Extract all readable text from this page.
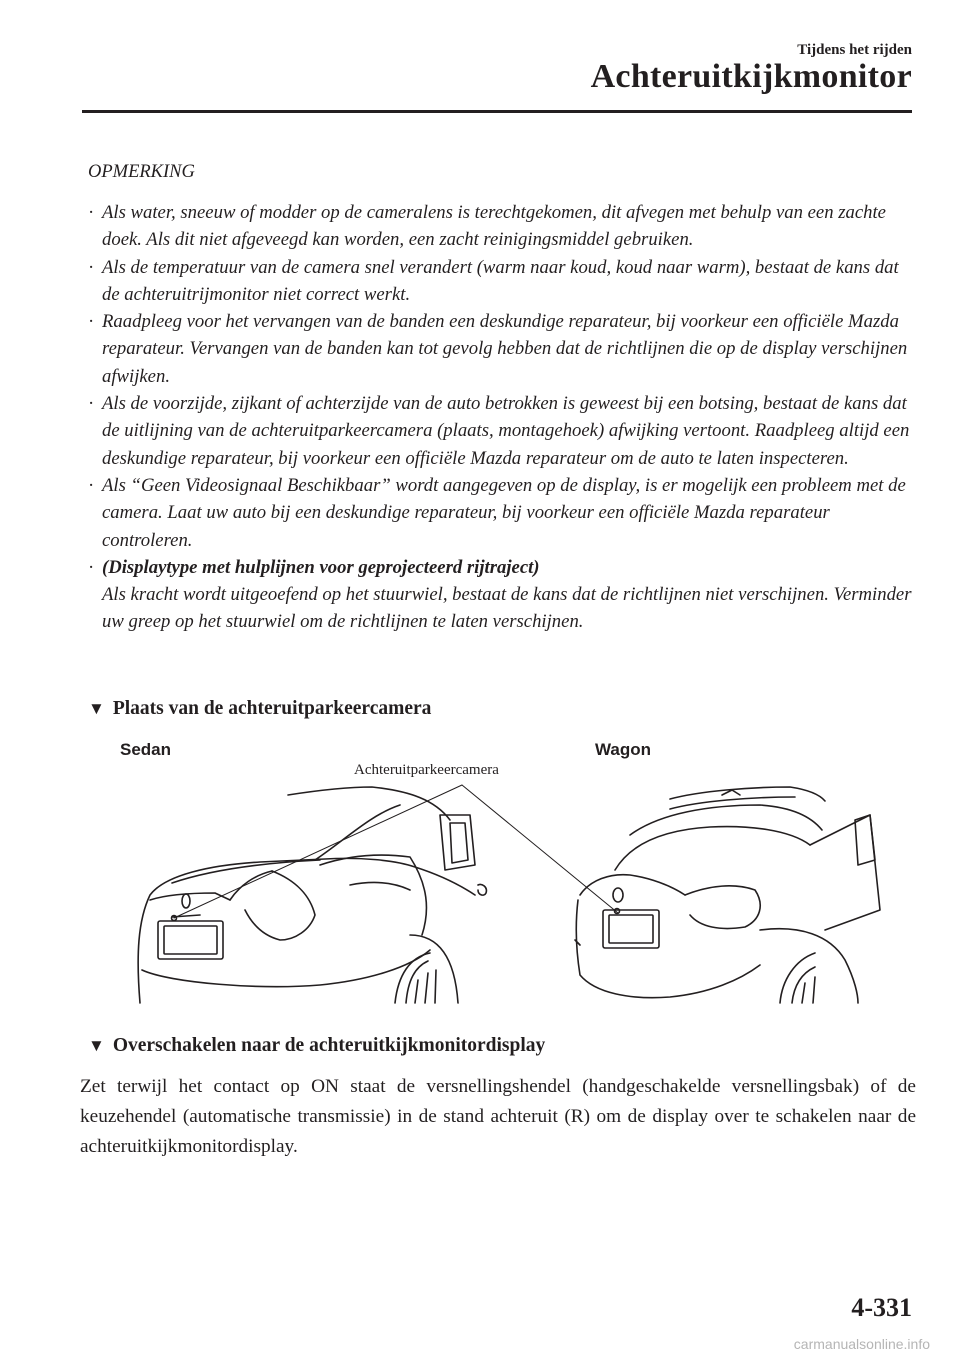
Tijdens het rijden
Achteruitkijkmonitor
OPMERKING
· Als water, sneeuw of modder op de cameralens is terechtgekomen, dit afvegen met behulp van een zachte doek. Als dit niet afgeveegd kan worden, een zacht reinigingsmiddel gebruiken.
· Als de temperatuur van de camera snel verandert (warm naar koud, koud naar warm), bestaat de kans dat de achteruitrijmonitor niet correct werkt.
· Raadpleeg voor het vervangen van de banden een deskundige reparateur, bij voorkeur een officiële Mazda reparateur. Vervangen van de banden kan tot gevolg hebben dat de richtlijnen die op de display verschijnen afwijken.
· Als de voorzijde, zijkant of achterzijde van de auto betrokken is geweest bij een botsing, bestaat de kans dat de uitlijning van de achteruitparkeercamera (plaats, montagehoek) afwijking vertoont. Raadpleeg altijd een deskundige reparateur, bij voorkeur een officiële Mazda reparateur om de auto te laten inspecteren.
· Als “Geen Videosignaal Beschikbaar” wordt aangegeven op de display, is er mogelijk een probleem met de camera. Laat uw auto bij een deskundige reparateur, bij voorkeur een officiële Mazda reparateur controleren.
· (Displaytype met hulplijnen voor geprojecteerd rijtraject)
Als kracht wordt uitgeoefend op het stuurwiel, bestaat de kans dat de richtlijnen niet verschijnen. Verminder uw greep op het stuurwiel om de richtlijnen te laten verschijnen.
▼ Plaats van de achteruitparkeercamera
Sedan	Wagon
Achteruitparkeercamera
▼ Overschakelen naar de achteruitkijkmonitordisplay
Zet terwijl het contact op ON staat de versnellingshendel (handgeschakelde versnellingsbak) of de keuzehendel (automatische transmissie) in de stand achteruit (R) om de display over te schakelen naar de achteruitkijkmonitordisplay.
4-331
carmanualsonline.info
